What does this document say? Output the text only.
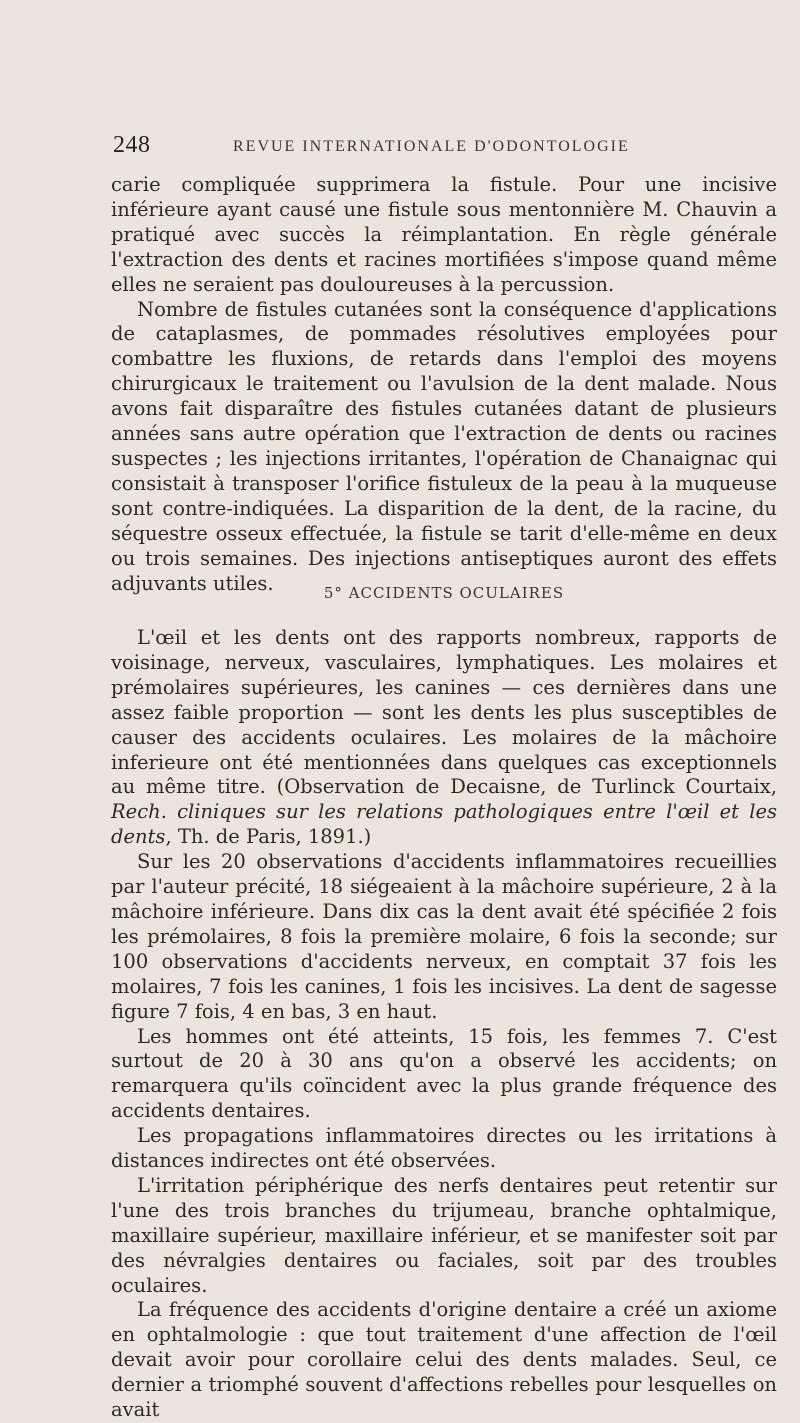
248	REVUE INTERNATIONALE D'ODONTOLOGIE

carie compliquée supprimera la fistule. Pour une incisive inférieure ayant causé une fistule sous mentonnière M. Chauvin a pratiqué avec succès la réimplantation. En règle générale l'extraction des dents et racines mortifiées s'impose quand même elles ne seraient pas douloureuses à la percussion.

Nombre de fistules cutanées sont la conséquence d'applications de cataplasmes, de pommades résolutives employées pour combattre les fluxions, de retards dans l'emploi des moyens chirurgicaux le traitement ou l'avulsion de la dent malade. Nous avons fait disparaître des fistules cutanées datant de plusieurs années sans autre opération que l'extraction de dents ou racines suspectes ; les injections irritantes, l'opération de Chanaignac qui consistait à transposer l'orifice fistuleux de la peau à la muqueuse sont contre-indiquées. La disparition de la dent, de la racine, du séquestre osseux effectuée, la fistule se tarit d'elle-même en deux ou trois semaines. Des injections antiseptiques auront des effets adjuvants utiles.	5° ACCIDENTS OCULAIRES

L'œil et les dents ont des rapports nombreux, rapports de voisinage, nerveux, vasculaires, lymphatiques. Les molaires et prémolaires supérieures, les canines — ces dernières dans une assez faible proportion — sont les dents les plus susceptibles de causer des accidents oculaires. Les molaires de la mâchoire inferieure ont été mentionnées dans quelques cas exceptionnels au même titre. (Observation de Decaisne, de Turlinck Courtaix, Rech. cliniques sur les relations pathologiques entre l'œil et les dents, Th. de Paris, 1891.)

Sur les 20 observations d'accidents inflammatoires recueillies par l'auteur précité, 18 siégeaient à la mâchoire supérieure, 2 à la mâchoire inférieure. Dans dix cas la dent avait été spécifiée 2 fois les prémolaires, 8 fois la première molaire, 6 fois la seconde; sur 100 observations d'accidents nerveux, en comptait 37 fois les molaires, 7 fois les canines, 1 fois les incisives. La dent de sagesse figure 7 fois, 4 en bas, 3 en haut.

Les hommes ont été atteints, 15 fois, les femmes 7. C'est surtout de 20 à 30 ans qu'on a observé les accidents; on remarquera qu'ils coïncident avec la plus grande fréquence des accidents dentaires.

Les propagations inflammatoires directes ou les irritations à distances indirectes ont été observées.

L'irritation périphérique des nerfs dentaires peut retentir sur l'une des trois branches du trijumeau, branche ophtalmique, maxillaire supérieur, maxillaire inférieur, et se manifester soit par des névralgies dentaires ou faciales, soit par des troubles oculaires.

La fréquence des accidents d'origine dentaire a créé un axiome en ophtalmologie : que tout traitement d'une affection de l'œil devait avoir pour corollaire celui des dents malades. Seul, ce dernier a triomphé souvent d'affections rebelles pour lesquelles on avait
